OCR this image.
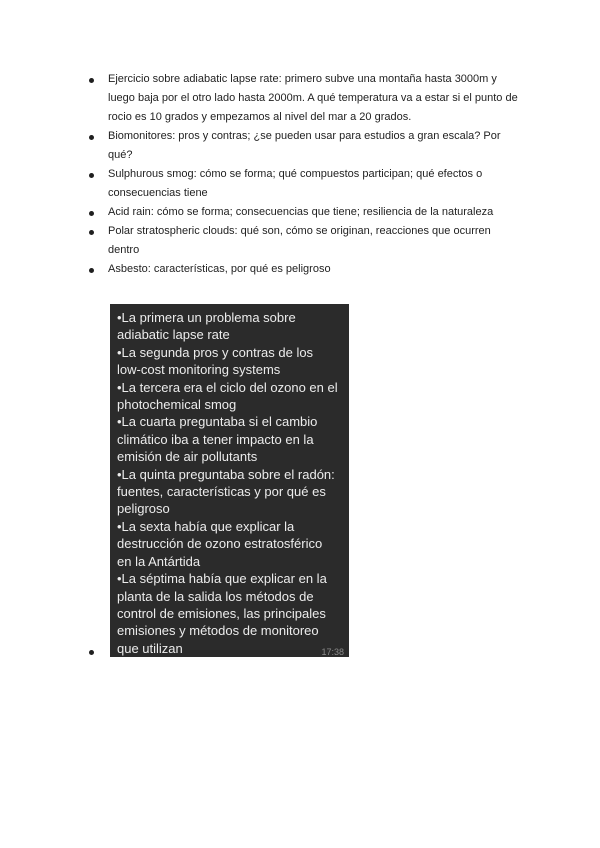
Ejercicio sobre adiabatic lapse rate: primero subve una montaña hasta 3000m y luego baja por el otro lado hasta 2000m. A qué temperatura va a estar si el punto de rocio es 10 grados y empezamos al nivel del mar a 20 grados.
Biomonitores: pros y contras; ¿se pueden usar para estudios a gran escala? Por qué?
Sulphurous smog: cómo se forma; qué compuestos participan; qué efectos o consecuencias tiene
Acid rain: cómo se forma; consecuencias que tiene; resiliencia de la naturaleza
Polar stratospheric clouds: qué son, cómo se originan, reacciones que ocurren dentro
Asbesto: características, por qué es peligroso
•La primera un problema sobre
adiabatic lapse rate
•La segunda pros y contras de los
low-cost monitoring systems
•La tercera era el ciclo del ozono en el
photochemical smog
•La cuarta preguntaba si el cambio
climático iba a tener impacto en la
emisión de air pollutants
•La quinta preguntaba sobre el radón:
fuentes, características y por qué es
peligroso
•La sexta había que explicar la
destrucción de ozono estratosférico
en la Antártida
•La séptima había que explicar en la
planta de la salida los métodos de
control de emisiones, las principales
emisiones y métodos de monitoreo
que utilizan	17:38
